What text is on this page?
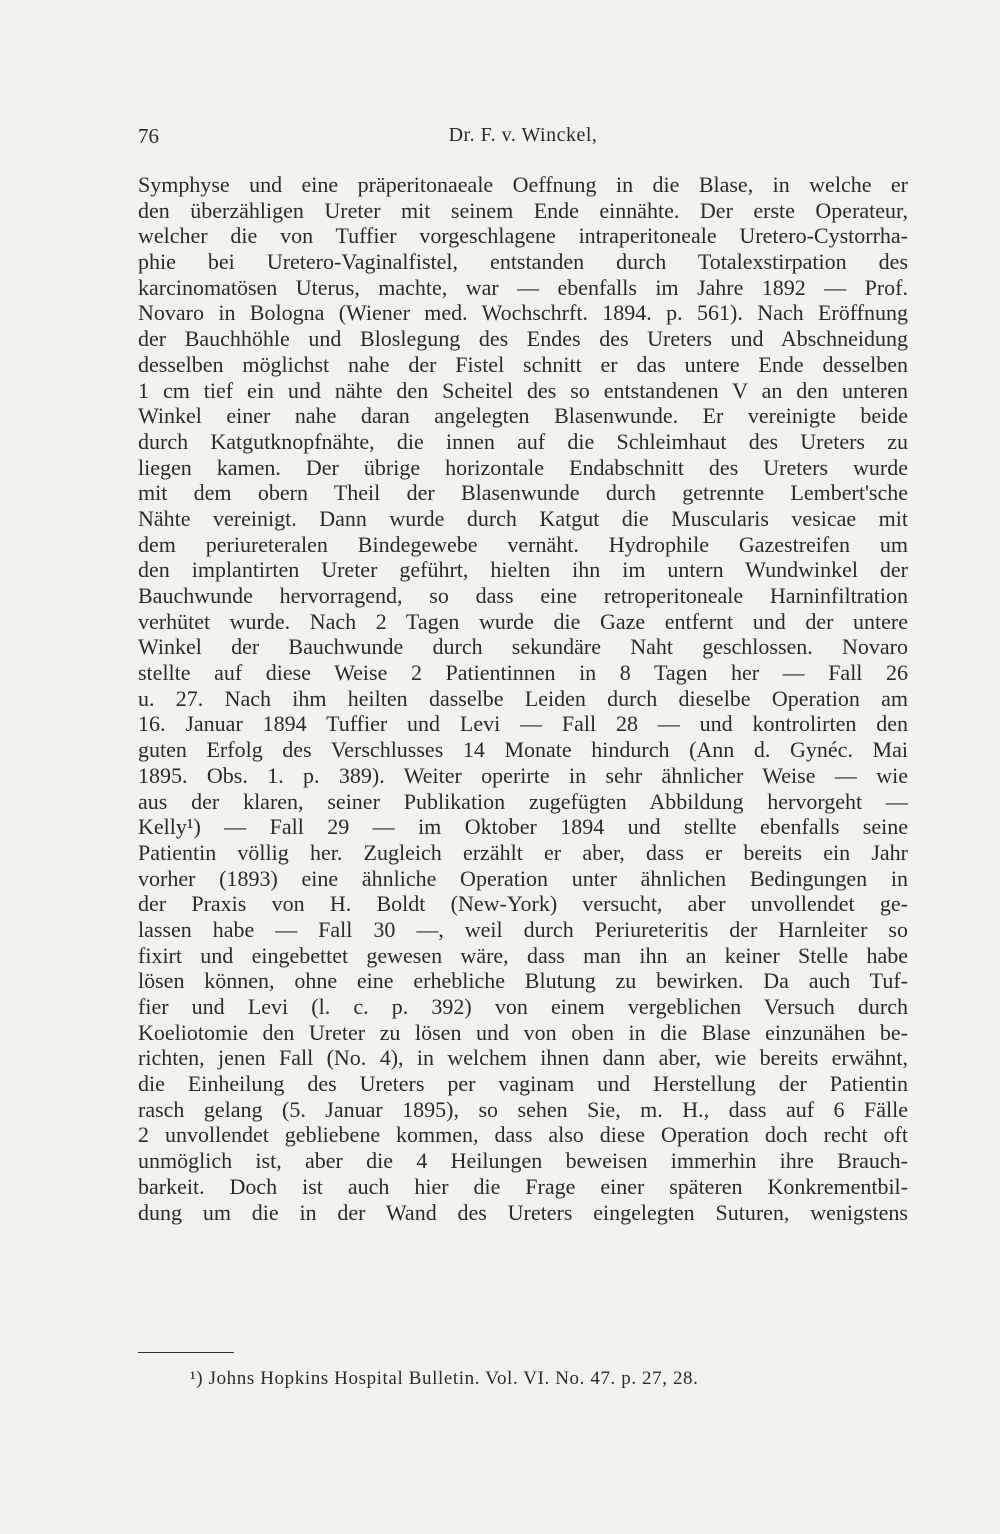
76	Dr. F. v. Winckel,
Symphyse und eine präperitonaeale Oeffnung in die Blase, in welche er
den überzähligen Ureter mit seinem Ende einnähte. Der erste Operateur,
welcher die von Tuffier vorgeschlagene intraperitoneale Uretero-Cystorrha-
phie bei Uretero-Vaginalfistel, entstanden durch Totalexstirpation des
karcinomatösen Uterus, machte, war — ebenfalls im Jahre 1892 — Prof.
Novaro in Bologna (Wiener med. Wochschrft. 1894. p. 561). Nach Eröffnung
der Bauchhöhle und Bloslegung des Endes des Ureters und Abschneidung
desselben möglichst nahe der Fistel schnitt er das untere Ende desselben
1 cm tief ein und nähte den Scheitel des so entstandenen V an den unteren
Winkel einer nahe daran angelegten Blasenwunde. Er vereinigte beide
durch Katgutknopfnähte, die innen auf die Schleimhaut des Ureters zu
liegen kamen. Der übrige horizontale Endabschnitt des Ureters wurde
mit dem obern Theil der Blasenwunde durch getrennte Lembert'sche
Nähte vereinigt. Dann wurde durch Katgut die Muscularis vesicae mit
dem periureteralen Bindegewebe vernäht. Hydrophile Gazestreifen um
den implantirten Ureter geführt, hielten ihn im untern Wundwinkel der
Bauchwunde hervorragend, so dass eine retroperitoneale Harninfiltration
verhütet wurde. Nach 2 Tagen wurde die Gaze entfernt und der untere
Winkel der Bauchwunde durch sekundäre Naht geschlossen. Novaro
stellte auf diese Weise 2 Patientinnen in 8 Tagen her — Fall 26
u. 27. Nach ihm heilten dasselbe Leiden durch dieselbe Operation am
16. Januar 1894 Tuffier und Levi — Fall 28 — und kontrolirten den
guten Erfolg des Verschlusses 14 Monate hindurch (Ann d. Gynéc. Mai
1895. Obs. 1. p. 389). Weiter operirte in sehr ähnlicher Weise — wie
aus der klaren, seiner Publikation zugefügten Abbildung hervorgeht —
Kelly¹) — Fall 29 — im Oktober 1894 und stellte ebenfalls seine
Patientin völlig her. Zugleich erzählt er aber, dass er bereits ein Jahr
vorher (1893) eine ähnliche Operation unter ähnlichen Bedingungen in
der Praxis von H. Boldt (New-York) versucht, aber unvollendet ge-
lassen habe — Fall 30 —, weil durch Periureteritis der Harnleiter so
fixirt und eingebettet gewesen wäre, dass man ihn an keiner Stelle habe
lösen können, ohne eine erhebliche Blutung zu bewirken. Da auch Tuf-
fier und Levi (l. c. p. 392) von einem vergeblichen Versuch durch
Koeliotomie den Ureter zu lösen und von oben in die Blase einzunähen be-
richten, jenen Fall (No. 4), in welchem ihnen dann aber, wie bereits erwähnt,
die Einheilung des Ureters per vaginam und Herstellung der Patientin
rasch gelang (5. Januar 1895), so sehen Sie, m. H., dass auf 6 Fälle
2 unvollendet gebliebene kommen, dass also diese Operation doch recht oft
unmöglich ist, aber die 4 Heilungen beweisen immerhin ihre Brauch-
barkeit. Doch ist auch hier die Frage einer späteren Konkrementbil-
dung um die in der Wand des Ureters eingelegten Suturen, wenigstens
¹) Johns Hopkins Hospital Bulletin. Vol. VI. No. 47. p. 27, 28.
